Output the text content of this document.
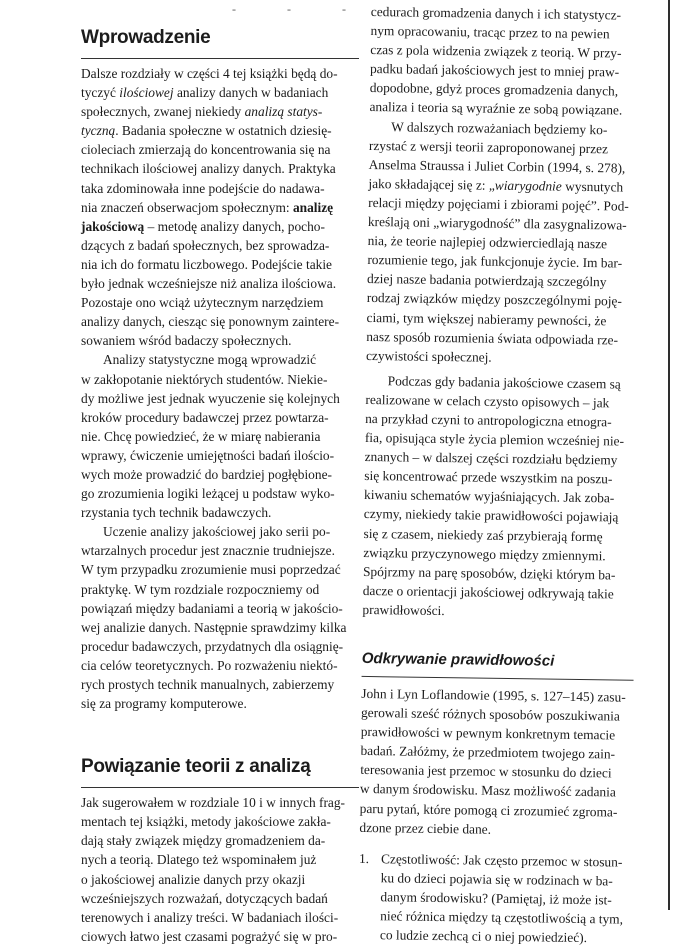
- - -
Wprowadzenie

Dalsze rozdziały w części 4 tej książki będą do-
tyczyć ilościowej analizy danych w badaniach
społecznych, zwanej niekiedy analizą statys-
tyczną. Badania społeczne w ostatnich dziesię-
cioleciach zmierzają do koncentrowania się na
technikach ilościowej analizy danych. Praktyka
taka zdominowała inne podejście do nadawa-
nia znaczeń obserwacjom społecznym: analizę
jakościową – metodę analizy danych, pocho-
dzących z badań społecznych, bez sprowadza-
nia ich do formatu liczbowego. Podejście takie
było jednak wcześniejsze niż analiza ilościowa.
Pozostaje ono wciąż użytecznym narzędziem
analizy danych, ciesząc się ponownym zaintere-
sowaniem wśród badaczy społecznych.

Analizy statystyczne mogą wprowadzić
w zakłopotanie niektórych studentów. Niekie-
dy możliwe jest jednak wyuczenie się kolejnych
kroków procedury badawczej przez powtarza-
nie. Chcę powiedzieć, że w miarę nabierania
wprawy, ćwiczenie umiejętności badań ilościo-
wych może prowadzić do bardziej pogłębione-
go zrozumienia logiki leżącej u podstaw wyko-
rzystania tych technik badawczych.

Uczenie analizy jakościowej jako serii po-
wtarzalnych procedur jest znacznie trudniejsze.
W tym przypadku zrozumienie musi poprzedzać
praktykę. W tym rozdziale rozpoczniemy od
powiązań między badaniami a teorią w jakościo-
wej analizie danych. Następnie sprawdzimy kilka
procedur badawczych, przydatnych dla osiągnię-
cia celów teoretycznych. Po rozważeniu niektó-
rych prostych technik manualnych, zabierzemy
się za programy komputerowe.

Powiązanie teorii z analizą

Jak sugerowałem w rozdziale 10 i w innych frag-
mentach tej książki, metody jakościowe zakła-
dają stały związek między gromadzeniem da-
nych a teorią. Dlatego też wspominałem już
o jakościowej analizie danych przy okazji
wcześniejszych rozważań, dotyczących badań
terenowych i analizy treści. W badaniach ilości-
ciowych łatwo jest czasami pograżyć się w pro-

cedurach gromadzenia danych i ich statystycz-
nym opracowaniu, tracąc przez to na pewien
czas z pola widzenia związek z teorią. W przy-
padku badań jakościowych jest to mniej praw-
dopodobne, gdyż proces gromadzenia danych,
analiza i teoria są wyraźnie ze sobą powiązane.

W dalszych rozważaniach będziemy ko-
rzystać z wersji teorii zaproponowanej przez
Anselma Straussa i Juliet Corbin (1994, s. 278),
jako składającej się z: „wiarygodnie wysnutych
relacji między pojęciami i zbiorami pojęć”. Pod-
kreślają oni „wiarygodność” dla zasygnalizowa-
nia, że teorie najlepiej odzwierciedlają nasze
rozumienie tego, jak funkcjonuje życie. Im bar-
dziej nasze badania potwierdzają szczególny
rodzaj związków między poszczególnymi poję-
ciami, tym większej nabieramy pewności, że
nasz sposób rozumienia świata odpowiada rze-
czywistości społecznej.

Podczas gdy badania jakościowe czasem są
realizowane w celach czysto opisowych – jak
na przykład czyni to antropologiczna etnogra-
fia, opisująca style życia plemion wcześniej nie-
znanych – w dalszej części rozdziału będziemy
się koncentrować przede wszystkim na poszu-
kiwaniu schematów wyjaśniających. Jak zoba-
czymy, niekiedy takie prawidłowości pojawiają
się z czasem, niekiedy zaś przybierają formę
związku przyczynowego między zmiennymi.
Spójrzmy na parę sposobów, dzięki którym ba-
dacze o orientacji jakościowej odkrywają takie
prawidłowości.

Odkrywanie prawidłowości

John i Lyn Loflandowie (1995, s. 127–145) zasu-
gerowali sześć różnych sposobów poszukiwania
prawidłowości w pewnym konkretnym temacie
badań. Załóżmy, że przedmiotem twojego zain-
teresowania jest przemoc w stosunku do dzieci
w danym środowisku. Masz możliwość zadania
paru pytań, które pomogą ci zrozumieć zgroma-
dzone przez ciebie dane.

1. Częstotliwość: Jak często przemoc w stosun-
ku do dzieci pojawia się w rodzinach w ba-
danym środowisku? (Pamiętaj, iż może ist-
nieć różnica między tą częstotliwością a tym,
co ludzie zechcą ci o niej powiedzieć).
